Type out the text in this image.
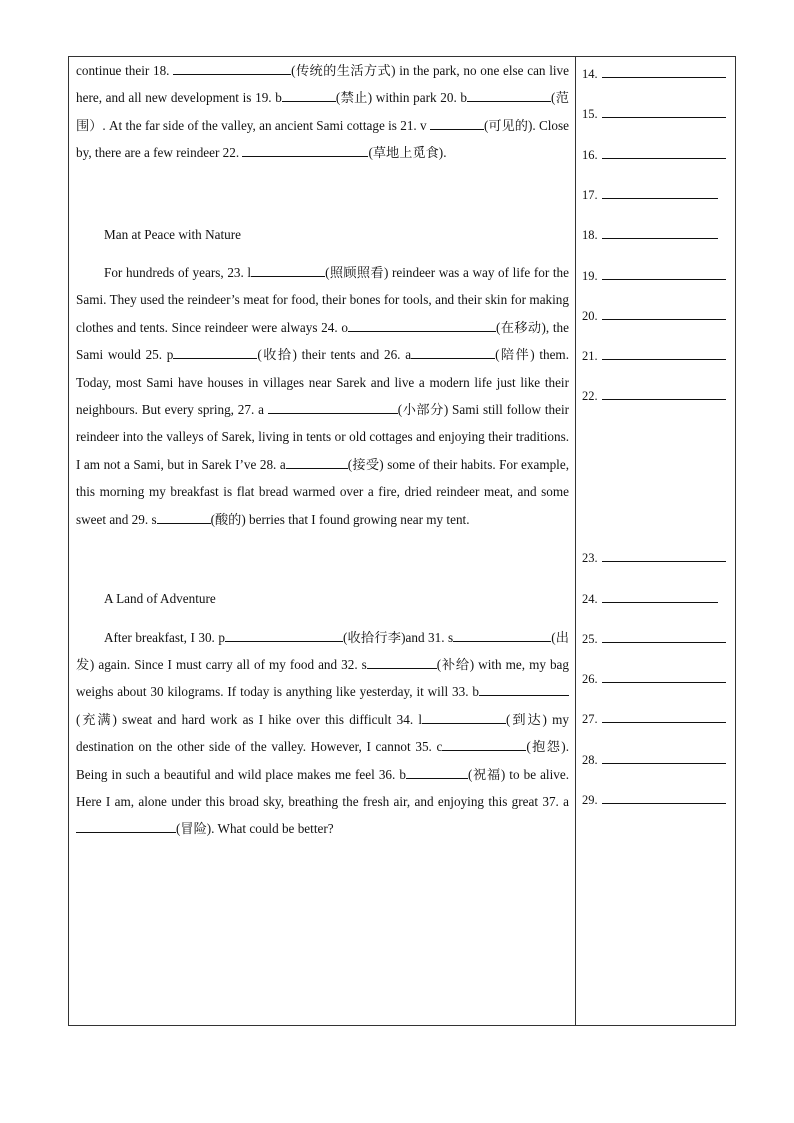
continue their 18.	(传统的生活方式) in the park, no one else can live here, and all new development is 19. b	(禁止) within park 20. b	(范围）. At the far side of the valley, an ancient Sami cottage is 21. v	(可见的). Close by, there are a few reindeer 22.	(草地上觅食).

Man at Peace with Nature

For hundreds of years, 23. l	(照顾照看) reindeer was a way of life for the Sami. They used the reindeer’s meat for food, their bones for tools, and their skin for making clothes and tents. Since reindeer were always 24. o	(在移动), the Sami would 25. p	(收拾) their tents and 26. a	(陪伴) them. Today, most Sami have houses in villages near Sarek and live a modern life just like their neighbours. But every spring, 27. a	(小部分) Sami still follow their reindeer into the valleys of Sarek, living in tents or old cottages and enjoying their traditions. I am not a Sami, but in Sarek I’ve 28. a	(接受) some of their habits. For example, this morning my breakfast is flat bread warmed over a fire, dried reindeer meat, and some sweet and 29. s	(酸的) berries that I found growing near my tent.

A Land of Adventure

After breakfast, I 30. p	(收拾行李)and 31. s	(出发) again. Since I must carry all of my food and 32. s	(补给) with me, my bag weighs about 30 kilograms. If today is anything like yesterday, it will 33. b(充满) sweat and hard work as I hike over this difficult 34. l	(到达) my destination on the other side of the valley. However, I cannot 35. c	(抱怨). Being in such a beautiful and wild place makes me feel 36. b	(祝福) to be alive. Here I am, alone under this broad sky, breathing the fresh air, and enjoying this great 37. a(冒险). What could be better?

14.
15.
16.
17.
18.
19.
20.
21.
22.
23.
24.
25.
26.
27.
28.
29.
